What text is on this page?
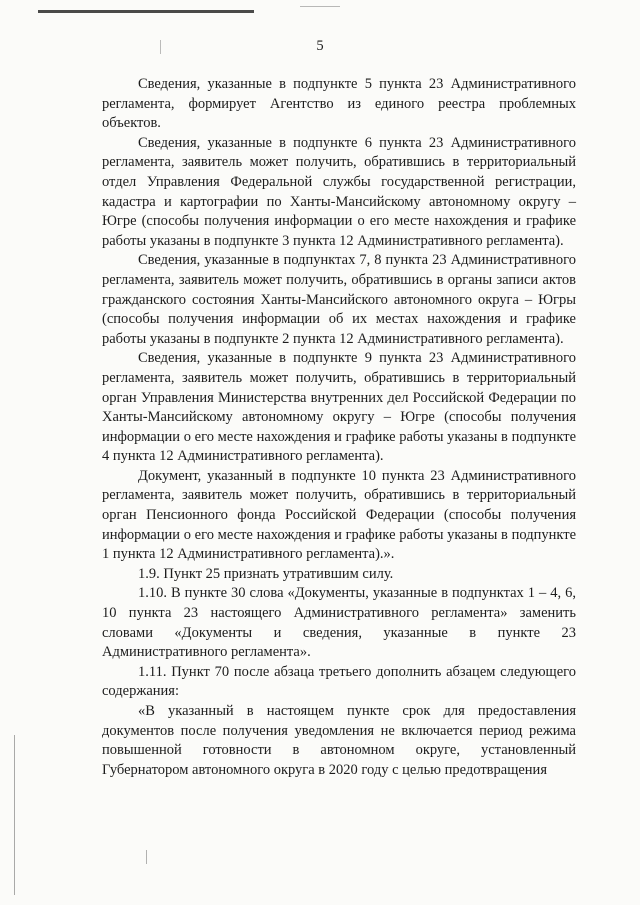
5

Сведения, указанные в подпункте 5 пункта 23 Административного регламента, формирует Агентство из единого реестра проблемных объектов.

Сведения, указанные в подпункте 6 пункта 23 Административного регламента, заявитель может получить, обратившись в территориальный отдел Управления Федеральной службы государственной регистрации, кадастра и картографии по Ханты-Мансийскому автономному округу – Югре (способы получения информации о его месте нахождения и графике работы указаны в подпункте 3 пункта 12 Административного регламента).

Сведения, указанные в подпунктах 7, 8 пункта 23 Административного регламента, заявитель может получить, обратившись в органы записи актов гражданского состояния Ханты-Мансийского автономного округа – Югры (способы получения информации об их местах нахождения и графике работы указаны в подпункте 2 пункта 12 Административного регламента).

Сведения, указанные в подпункте 9 пункта 23 Административного регламента, заявитель может получить, обратившись в территориальный орган Управления Министерства внутренних дел Российской Федерации по Ханты-Мансийскому автономному округу – Югре (способы получения информации о его месте нахождения и графике работы указаны в подпункте 4 пункта 12 Административного регламента).

Документ, указанный в подпункте 10 пункта 23 Административного регламента, заявитель может получить, обратившись в территориальный орган Пенсионного фонда Российской Федерации (способы получения информации о его месте нахождения и графике работы указаны в подпункте 1 пункта 12 Административного регламента).».

1.9. Пункт 25 признать утратившим силу.

1.10. В пункте 30 слова «Документы, указанные в подпунктах 1 – 4, 6, 10 пункта 23 настоящего Административного регламента» заменить словами «Документы и сведения, указанные в пункте 23 Административного регламента».

1.11. Пункт 70 после абзаца третьего дополнить абзацем следующего содержания:

«В указанный в настоящем пункте срок для предоставления документов после получения уведомления не включается период режима повышенной готовности в автономном округе, установленный Губернатором автономного округа в 2020 году с целью предотвращения
